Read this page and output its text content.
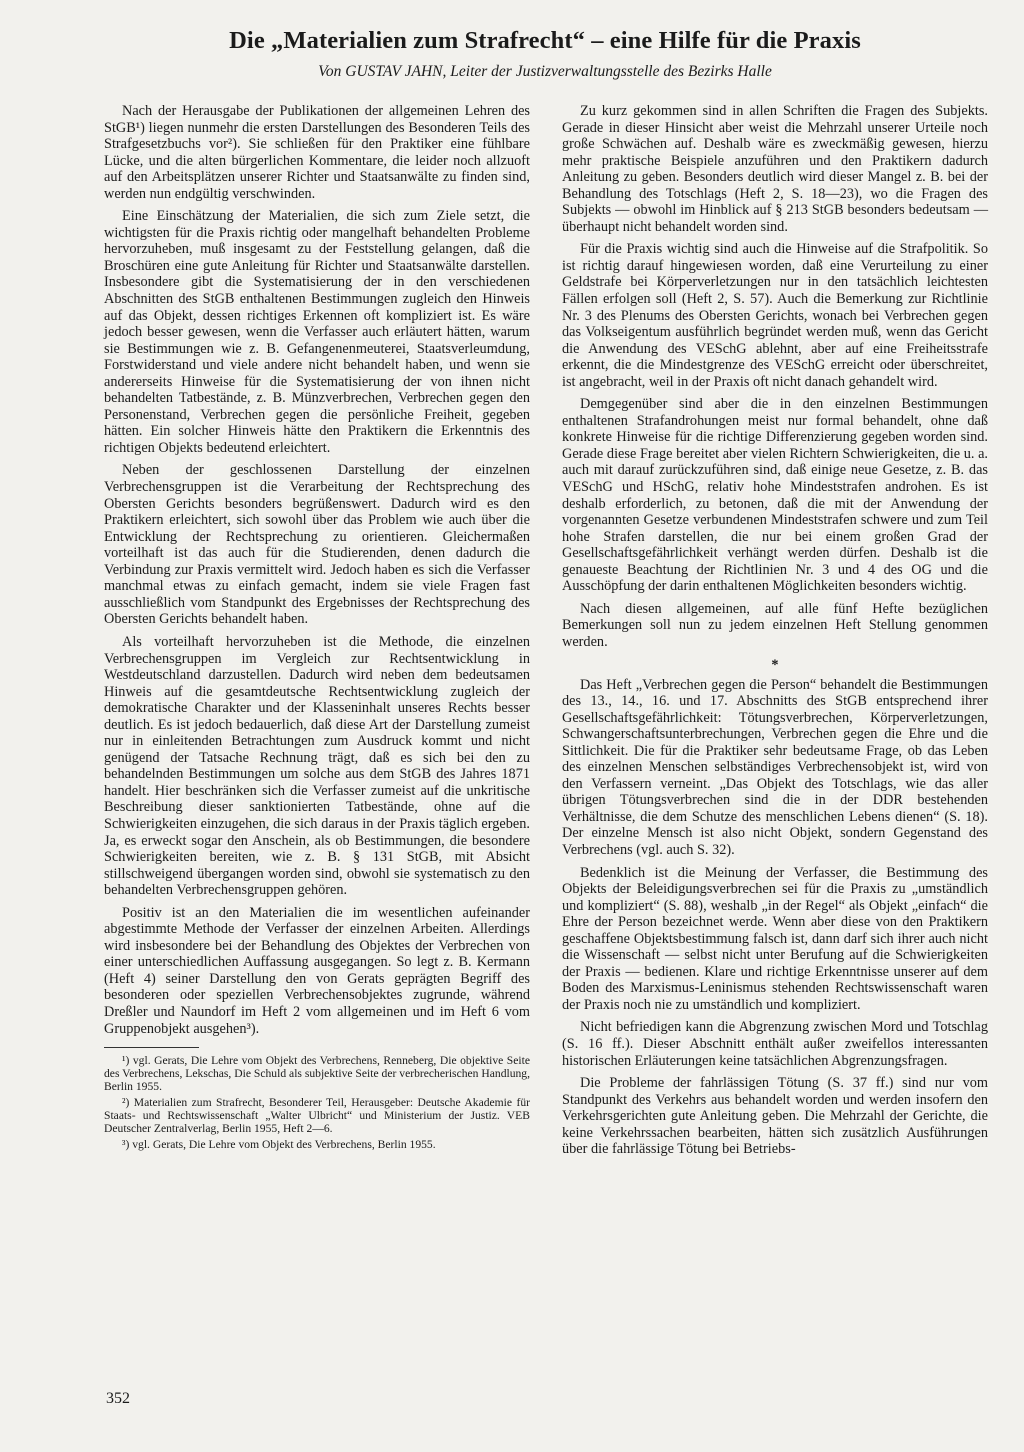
Die „Materialien zum Strafrecht“ – eine Hilfe für die Praxis
Von GUSTAV JAHN, Leiter der Justizverwaltungsstelle des Bezirks Halle

Nach der Herausgabe der Publikationen der allgemeinen Lehren des StGB¹) liegen nunmehr die ersten Darstellungen des Besonderen Teils des Strafgesetzbuchs vor²). Sie schließen für den Praktiker eine fühlbare Lücke, und die alten bürgerlichen Kommentare, die leider noch allzuoft auf den Arbeitsplätzen unserer Richter und Staatsanwälte zu finden sind, werden nun endgültig verschwinden.

Eine Einschätzung der Materialien, die sich zum Ziele setzt, die wichtigsten für die Praxis richtig oder mangelhaft behandelten Probleme hervorzuheben, muß insgesamt zu der Feststellung gelangen, daß die Broschüren eine gute Anleitung für Richter und Staatsanwälte darstellen. Insbesondere gibt die Systematisierung der in den verschiedenen Abschnitten des StGB enthaltenen Bestimmungen zugleich den Hinweis auf das Objekt, dessen richtiges Erkennen oft kompliziert ist. Es wäre jedoch besser gewesen, wenn die Verfasser auch erläutert hätten, warum sie Bestimmungen wie z. B. Gefangenenmeuterei, Staatsverleumdung, Forstwiderstand und viele andere nicht behandelt haben, und wenn sie andererseits Hinweise für die Systematisierung der von ihnen nicht behandelten Tatbestände, z. B. Münzverbrechen, Verbrechen gegen den Personenstand, Verbrechen gegen die persönliche Freiheit, gegeben hätten. Ein solcher Hinweis hätte den Praktikern die Erkenntnis des richtigen Objekts bedeutend erleichtert.

Neben der geschlossenen Darstellung der einzelnen Verbrechensgruppen ist die Verarbeitung der Rechtsprechung des Obersten Gerichts besonders begrüßenswert. Dadurch wird es den Praktikern erleichtert, sich sowohl über das Problem wie auch über die Entwicklung der Rechtsprechung zu orientieren. Gleichermaßen vorteilhaft ist das auch für die Studierenden, denen dadurch die Verbindung zur Praxis vermittelt wird. Jedoch haben es sich die Verfasser manchmal etwas zu einfach gemacht, indem sie viele Fragen fast ausschließlich vom Standpunkt des Ergebnisses der Rechtsprechung des Obersten Gerichts behandelt haben.

Als vorteilhaft hervorzuheben ist die Methode, die einzelnen Verbrechensgruppen im Vergleich zur Rechtsentwicklung in Westdeutschland darzustellen. Dadurch wird neben dem bedeutsamen Hinweis auf die gesamtdeutsche Rechtsentwicklung zugleich der demokratische Charakter und der Klasseninhalt unseres Rechts besser deutlich. Es ist jedoch bedauerlich, daß diese Art der Darstellung zumeist nur in einleitenden Betrachtungen zum Ausdruck kommt und nicht genügend der Tatsache Rechnung trägt, daß es sich bei den zu behandelnden Bestimmungen um solche aus dem StGB des Jahres 1871 handelt. Hier beschränken sich die Verfasser zumeist auf die unkritische Beschreibung dieser sanktionierten Tatbestände, ohne auf die Schwierigkeiten einzugehen, die sich daraus in der Praxis täglich ergeben. Ja, es erweckt sogar den Anschein, als ob Bestimmungen, die besondere Schwierigkeiten bereiten, wie z. B. § 131 StGB, mit Absicht stillschweigend übergangen worden sind, obwohl sie systematisch zu den behandelten Verbrechensgruppen gehören.

Positiv ist an den Materialien die im wesentlichen aufeinander abgestimmte Methode der Verfasser der einzelnen Arbeiten. Allerdings wird insbesondere bei der Behandlung des Objektes der Verbrechen von einer unterschiedlichen Auffassung ausgegangen. So legt z. B. Kermann (Heft 4) seiner Darstellung den von Gerats geprägten Begriff des besonderen oder speziellen Verbrechensobjektes zugrunde, während Dreßler und Naundorf im Heft 2 vom allgemeinen und im Heft 6 vom Gruppenobjekt ausgehen³).

¹) vgl. Gerats, Die Lehre vom Objekt des Verbrechens, Renneberg, Die objektive Seite des Verbrechens, Lekschas, Die Schuld als subjektive Seite der verbrecherischen Handlung, Berlin 1955.
²) Materialien zum Strafrecht, Besonderer Teil, Herausgeber: Deutsche Akademie für Staats- und Rechtswissenschaft „Walter Ulbricht“ und Ministerium der Justiz. VEB Deutscher Zentralverlag, Berlin 1955, Heft 2—6.
³) vgl. Gerats, Die Lehre vom Objekt des Verbrechens, Berlin 1955.

Zu kurz gekommen sind in allen Schriften die Fragen des Subjekts. Gerade in dieser Hinsicht aber weist die Mehrzahl unserer Urteile noch große Schwächen auf. Deshalb wäre es zweckmäßig gewesen, hierzu mehr praktische Beispiele anzuführen und den Praktikern dadurch Anleitung zu geben. Besonders deutlich wird dieser Mangel z. B. bei der Behandlung des Totschlags (Heft 2, S. 18—23), wo die Fragen des Subjekts — obwohl im Hinblick auf § 213 StGB besonders bedeutsam — überhaupt nicht behandelt worden sind.

Für die Praxis wichtig sind auch die Hinweise auf die Strafpolitik. So ist richtig darauf hingewiesen worden, daß eine Verurteilung zu einer Geldstrafe bei Körperverletzungen nur in den tatsächlich leichtesten Fällen erfolgen soll (Heft 2, S. 57). Auch die Bemerkung zur Richtlinie Nr. 3 des Plenums des Obersten Gerichts, wonach bei Verbrechen gegen das Volkseigentum ausführlich begründet werden muß, wenn das Gericht die Anwendung des VESchG ablehnt, aber auf eine Freiheitsstrafe erkennt, die die Mindestgrenze des VESchG erreicht oder überschreitet, ist angebracht, weil in der Praxis oft nicht danach gehandelt wird.

Demgegenüber sind aber die in den einzelnen Bestimmungen enthaltenen Strafandrohungen meist nur formal behandelt, ohne daß konkrete Hinweise für die richtige Differenzierung gegeben worden sind. Gerade diese Frage bereitet aber vielen Richtern Schwierigkeiten, die u. a. auch mit darauf zurückzuführen sind, daß einige neue Gesetze, z. B. das VESchG und HSchG, relativ hohe Mindeststrafen androhen. Es ist deshalb erforderlich, zu betonen, daß die mit der Anwendung der vorgenannten Gesetze verbundenen Mindeststrafen schwere und zum Teil hohe Strafen darstellen, die nur bei einem großen Grad der Gesellschaftsgefährlichkeit verhängt werden dürfen. Deshalb ist die genaueste Beachtung der Richtlinien Nr. 3 und 4 des OG und die Ausschöpfung der darin enthaltenen Möglichkeiten besonders wichtig.

Nach diesen allgemeinen, auf alle fünf Hefte bezüglichen Bemerkungen soll nun zu jedem einzelnen Heft Stellung genommen werden.

*

Das Heft „Verbrechen gegen die Person“ behandelt die Bestimmungen des 13., 14., 16. und 17. Abschnitts des StGB entsprechend ihrer Gesellschaftsgefährlichkeit: Tötungsverbrechen, Körperverletzungen, Schwangerschaftsunterbrechungen, Verbrechen gegen die Ehre und die Sittlichkeit. Die für die Praktiker sehr bedeutsame Frage, ob das Leben des einzelnen Menschen selbständiges Verbrechensobjekt ist, wird von den Verfassern verneint. „Das Objekt des Totschlags, wie das aller übrigen Tötungsverbrechen sind die in der DDR bestehenden Verhältnisse, die dem Schutze des menschlichen Lebens dienen“ (S. 18). Der einzelne Mensch ist also nicht Objekt, sondern Gegenstand des Verbrechens (vgl. auch S. 32).

Bedenklich ist die Meinung der Verfasser, die Bestimmung des Objekts der Beleidigungsverbrechen sei für die Praxis zu „umständlich und kompliziert“ (S. 88), weshalb „in der Regel“ als Objekt „einfach“ die Ehre der Person bezeichnet werde. Wenn aber diese von den Praktikern geschaffene Objektsbestimmung falsch ist, dann darf sich ihrer auch nicht die Wissenschaft — selbst nicht unter Berufung auf die Schwierigkeiten der Praxis — bedienen. Klare und richtige Erkenntnisse unserer auf dem Boden des Marxismus-Leninismus stehenden Rechtswissenschaft waren der Praxis noch nie zu umständlich und kompliziert.

Nicht befriedigen kann die Abgrenzung zwischen Mord und Totschlag (S. 16 ff.). Dieser Abschnitt enthält außer zweifellos interessanten historischen Erläuterungen keine tatsächlichen Abgrenzungsfragen.

Die Probleme der fahrlässigen Tötung (S. 37 ff.) sind nur vom Standpunkt des Verkehrs aus behandelt worden und werden insofern den Verkehrsgerichten gute Anleitung geben. Die Mehrzahl der Gerichte, die keine Verkehrssachen bearbeiten, hätten sich zusätzlich Ausführungen über die fahrlässige Tötung bei Betriebs-

352
